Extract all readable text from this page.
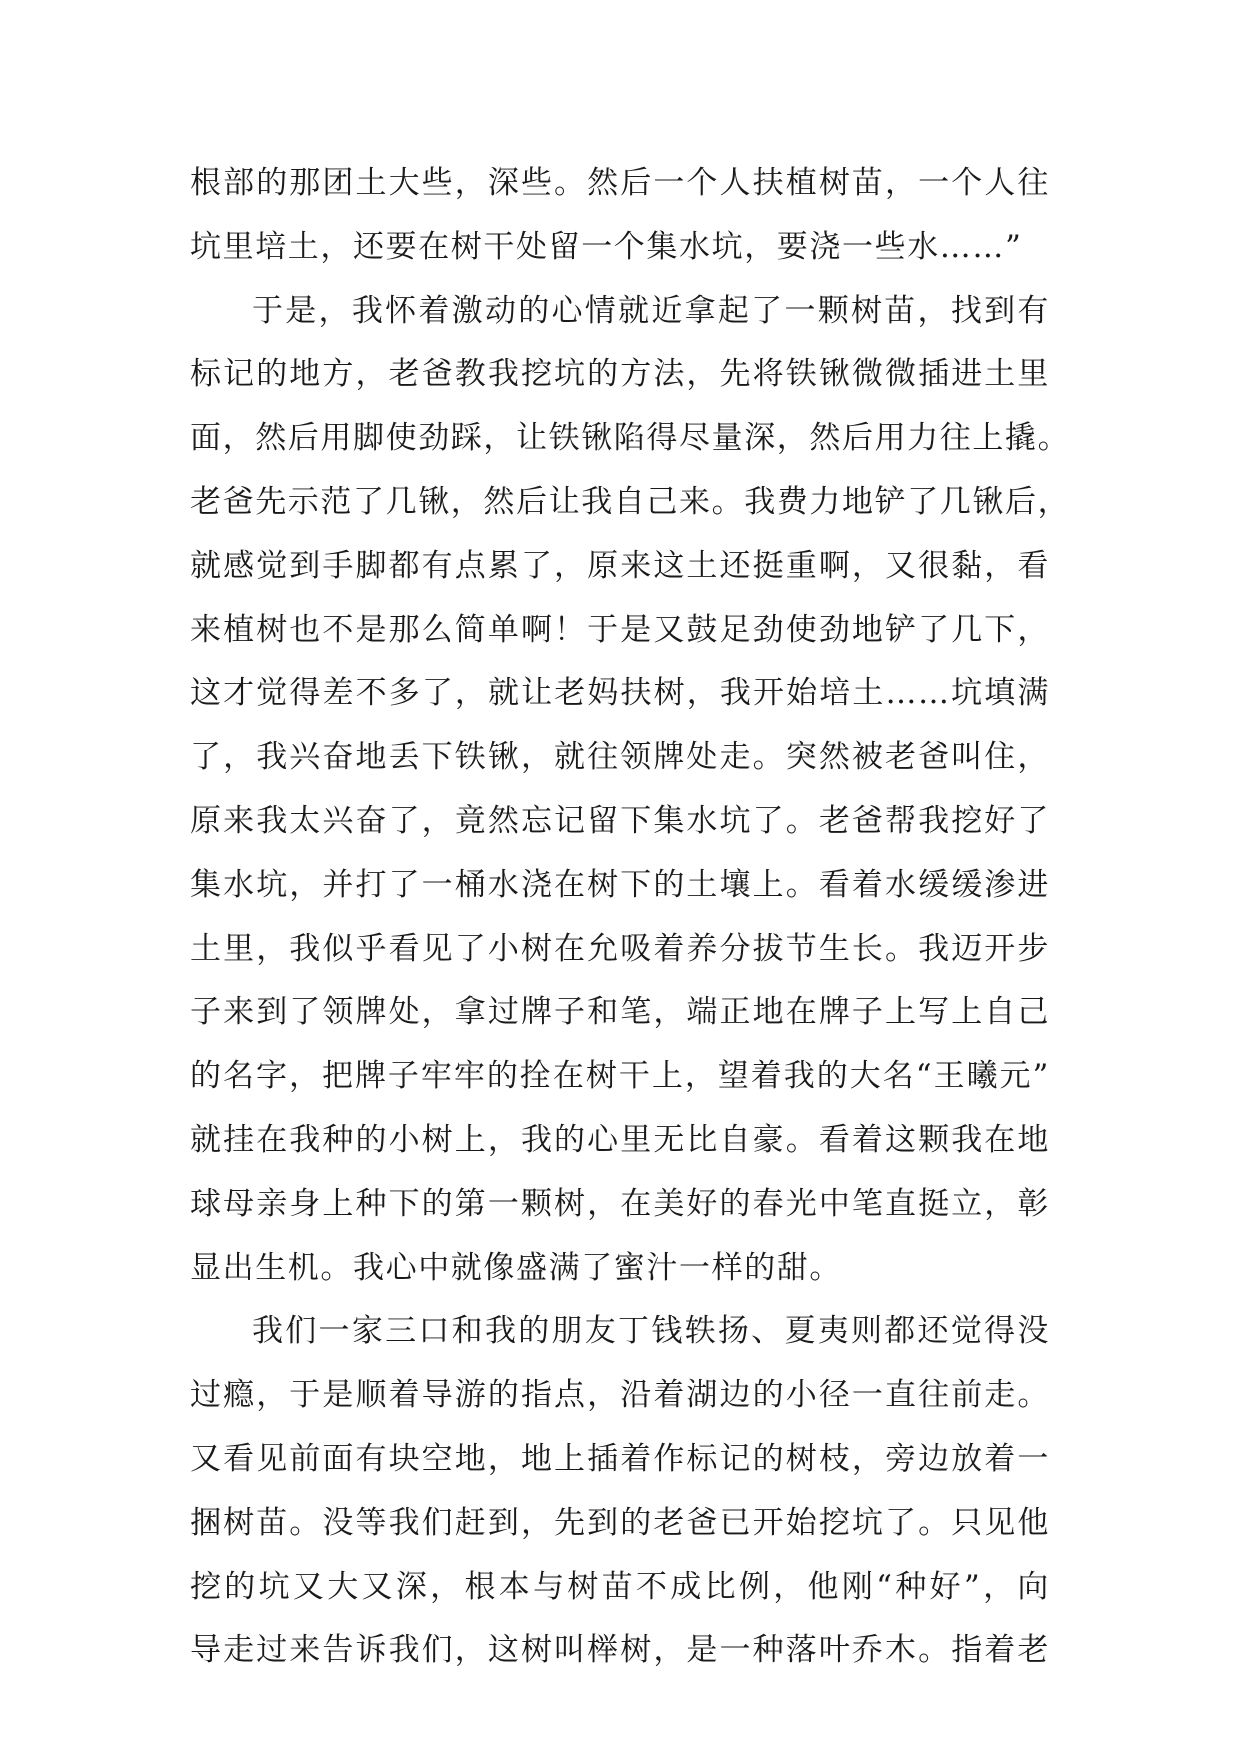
根部的那团土大些，深些。然后一个人扶植树苗，一个人往
坑里培土，还要在树干处留一个集水坑，要浇一些水……”
于是，我怀着激动的心情就近拿起了一颗树苗，找到有
标记的地方，老爸教我挖坑的方法，先将铁锹微微插进土里
面，然后用脚使劲踩，让铁锹陷得尽量深，然后用力往上撬。
老爸先示范了几锹，然后让我自己来。我费力地铲了几锹后，
就感觉到手脚都有点累了，原来这土还挺重啊，又很黏，看
来植树也不是那么简单啊！于是又鼓足劲使劲地铲了几下，
这才觉得差不多了，就让老妈扶树，我开始培土……坑填满
了，我兴奋地丢下铁锹，就往领牌处走。突然被老爸叫住，
原来我太兴奋了，竟然忘记留下集水坑了。老爸帮我挖好了
集水坑，并打了一桶水浇在树下的土壤上。看着水缓缓渗进
土里，我似乎看见了小树在允吸着养分拔节生长。我迈开步
子来到了领牌处，拿过牌子和笔，端正地在牌子上写上自己
的名字，把牌子牢牢的拴在树干上，望着我的大名“王曦元”
就挂在我种的小树上，我的心里无比自豪。看着这颗我在地
球母亲身上种下的第一颗树，在美好的春光中笔直挺立，彰
显出生机。我心中就像盛满了蜜汁一样的甜。
我们一家三口和我的朋友丁钱轶扬、夏夷则都还觉得没
过瘾，于是顺着导游的指点，沿着湖边的小径一直往前走。
又看见前面有块空地，地上插着作标记的树枝，旁边放着一
捆树苗。没等我们赶到，先到的老爸已开始挖坑了。只见他
挖的坑又大又深，根本与树苗不成比例，他刚“种好”，向
导走过来告诉我们，这树叫榉树，是一种落叶乔木。指着老
